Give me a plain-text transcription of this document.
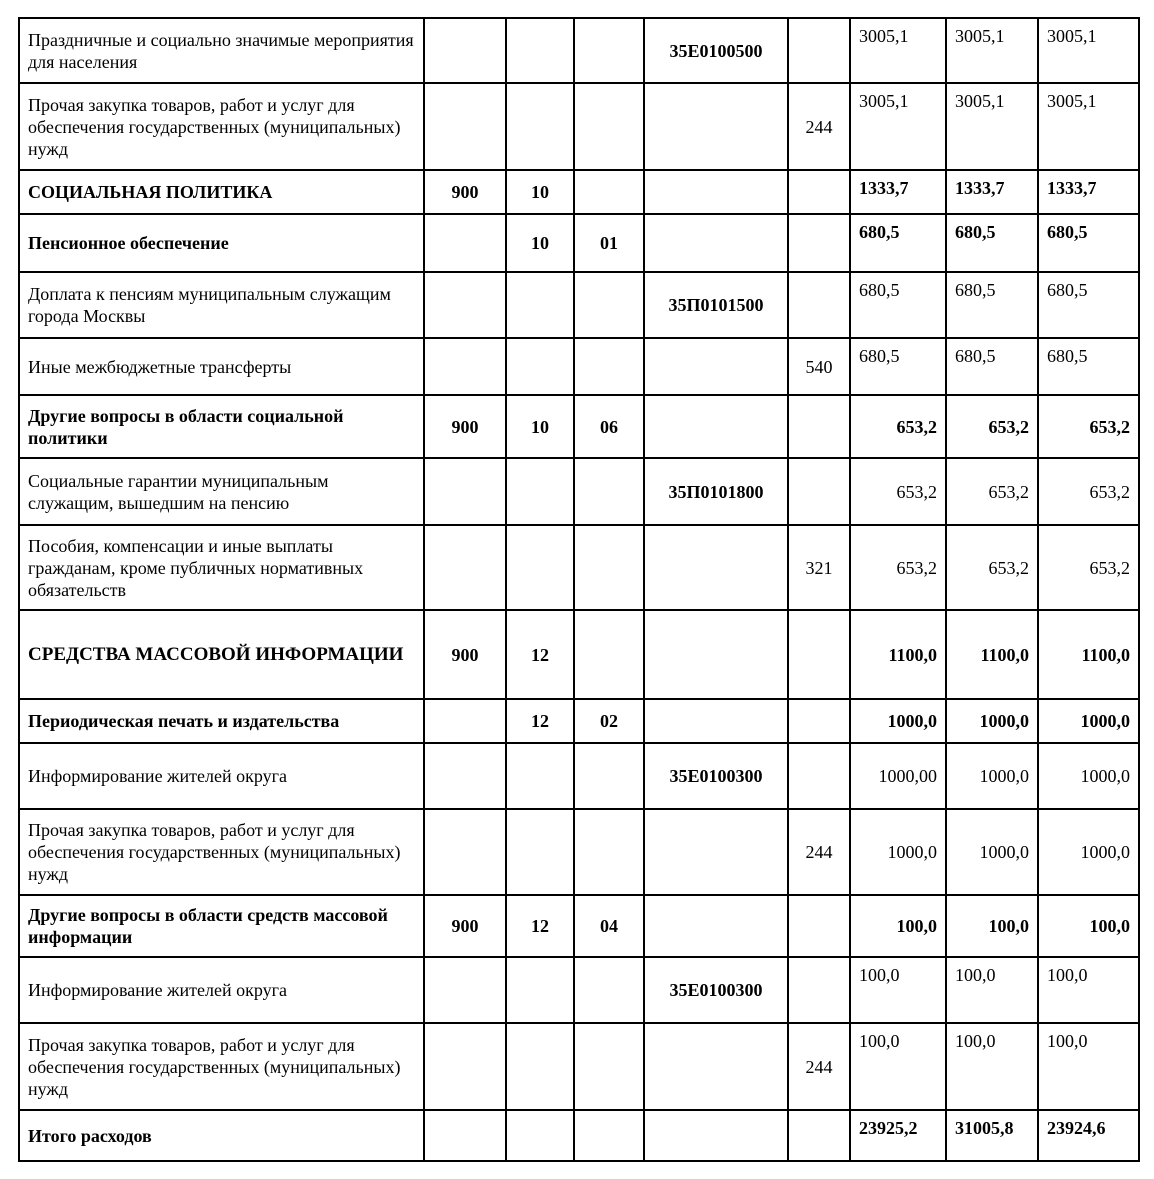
Праздничные и социально значимые мероприятия для населения				35Е0100500		3005,1	3005,1	3005,1
Прочая закупка товаров, работ и услуг для обеспечения государственных (муниципальных) нужд					244	3005,1	3005,1	3005,1
СОЦИАЛЬНАЯ ПОЛИТИКА	900	10				1333,7	1333,7	1333,7
Пенсионное обеспечение		10	01			680,5	680,5	680,5
Доплата к пенсиям муниципальным служащим города Москвы				35П0101500		680,5	680,5	680,5
Иные межбюджетные трансферты					540	680,5	680,5	680,5
Другие вопросы в области социальной политики	900	10	06			653,2	653,2	653,2
Социальные гарантии муниципальным служащим, вышедшим на пенсию				35П0101800		653,2	653,2	653,2
Пособия, компенсации и иные выплаты гражданам, кроме публичных нормативных обязательств					321	653,2	653,2	653,2
СРЕДСТВА МАССОВОЙ ИНФОРМАЦИИ	900	12				1100,0	1100,0	1100,0
Периодическая печать и издательства		12	02			1000,0	1000,0	1000,0
Информирование жителей округа				35Е0100300		1000,00	1000,0	1000,0
Прочая закупка товаров, работ и услуг для обеспечения государственных (муниципальных) нужд					244	1000,0	1000,0	1000,0
Другие вопросы в области средств массовой информации	900	12	04			100,0	100,0	100,0
Информирование жителей округа				35Е0100300		100,0	100,0	100,0
Прочая закупка товаров, работ и услуг для обеспечения государственных (муниципальных) нужд					244	100,0	100,0	100,0
Итого расходов						23925,2	31005,8	23924,6
